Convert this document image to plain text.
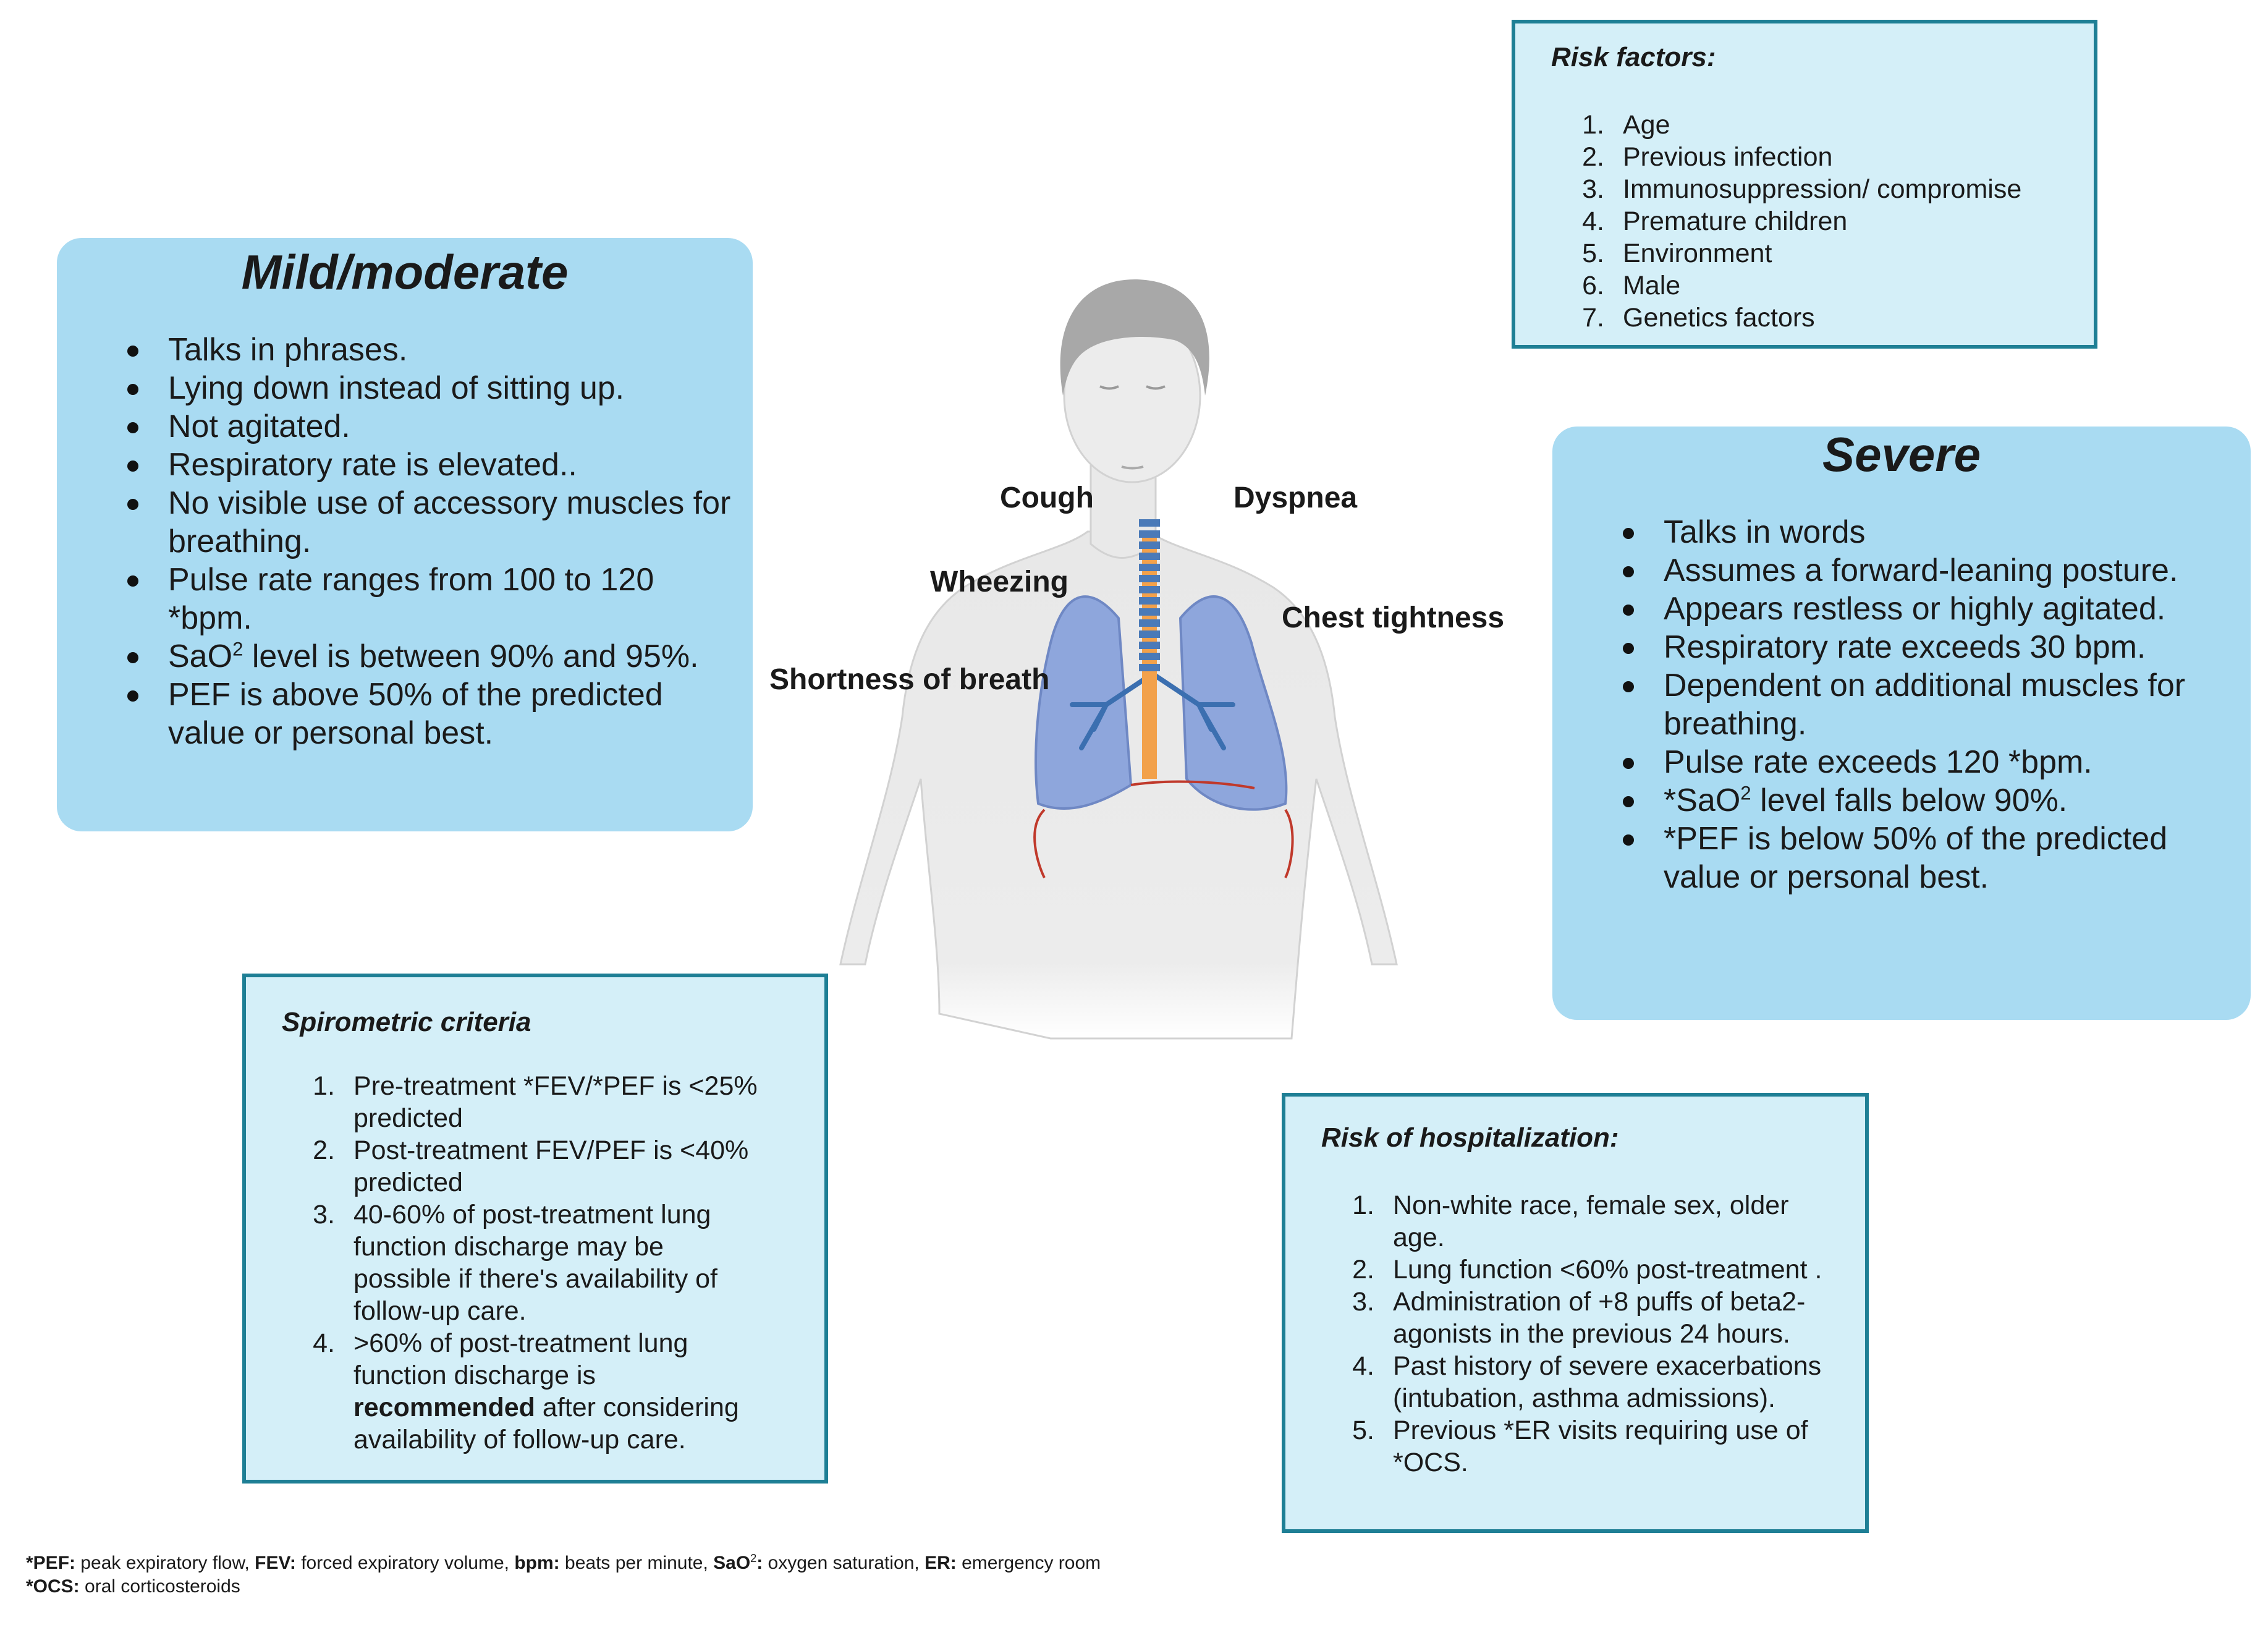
Mild/moderate
Talks in phrases.
Lying down instead of sitting up.
Not agitated.
Respiratory rate is elevated..
No visible use of accessory muscles for breathing.
Pulse rate ranges from 100 to 120 *bpm.
SaO$^2$ level is between 90% and 95%.
PEF is above 50% of the predicted value or personal best.
Severe
Talks in words
Assumes a forward-leaning posture.
Appears restless or highly agitated.
Respiratory rate exceeds 30 bpm.
Dependent on additional muscles for breathing.
Pulse rate exceeds 120 *bpm.
*SaO$^2$ level falls below 90%.
*PEF is below 50% of the predicted value or personal best.
Risk factors:
1. Age
2. Previous infection
3. Immunosuppression/ compromise
4. Premature children
5. Environment
6. Male
7. Genetics factors
Spirometric criteria
1. Pre-treatment *FEV/*PEF is <25% predicted
2. Post-treatment FEV/PEF is <40% predicted
3. 40-60% of post-treatment lung function discharge may be possible if there's availability of follow-up care.
4. >60% of post-treatment lung function discharge is recommended after considering availability of follow-up care.
Risk of hospitalization:
1. Non-white race, female sex, older age.
2. Lung function <60% post-treatment .
3. Administration of +8 puffs of beta2-agonists in the previous 24 hours.
4. Past history of severe exacerbations (intubation, asthma admissions).
5. Previous *ER visits requiring use of *OCS.
Cough	Dyspnea
Wheezing
Chest tightness
Shortness of breath
*PEF: peak expiratory flow, FEV: forced expiratory volume, bpm: beats per minute, SaO$^2$: oxygen saturation, ER: emergency room
*OCS: oral corticosteroids
